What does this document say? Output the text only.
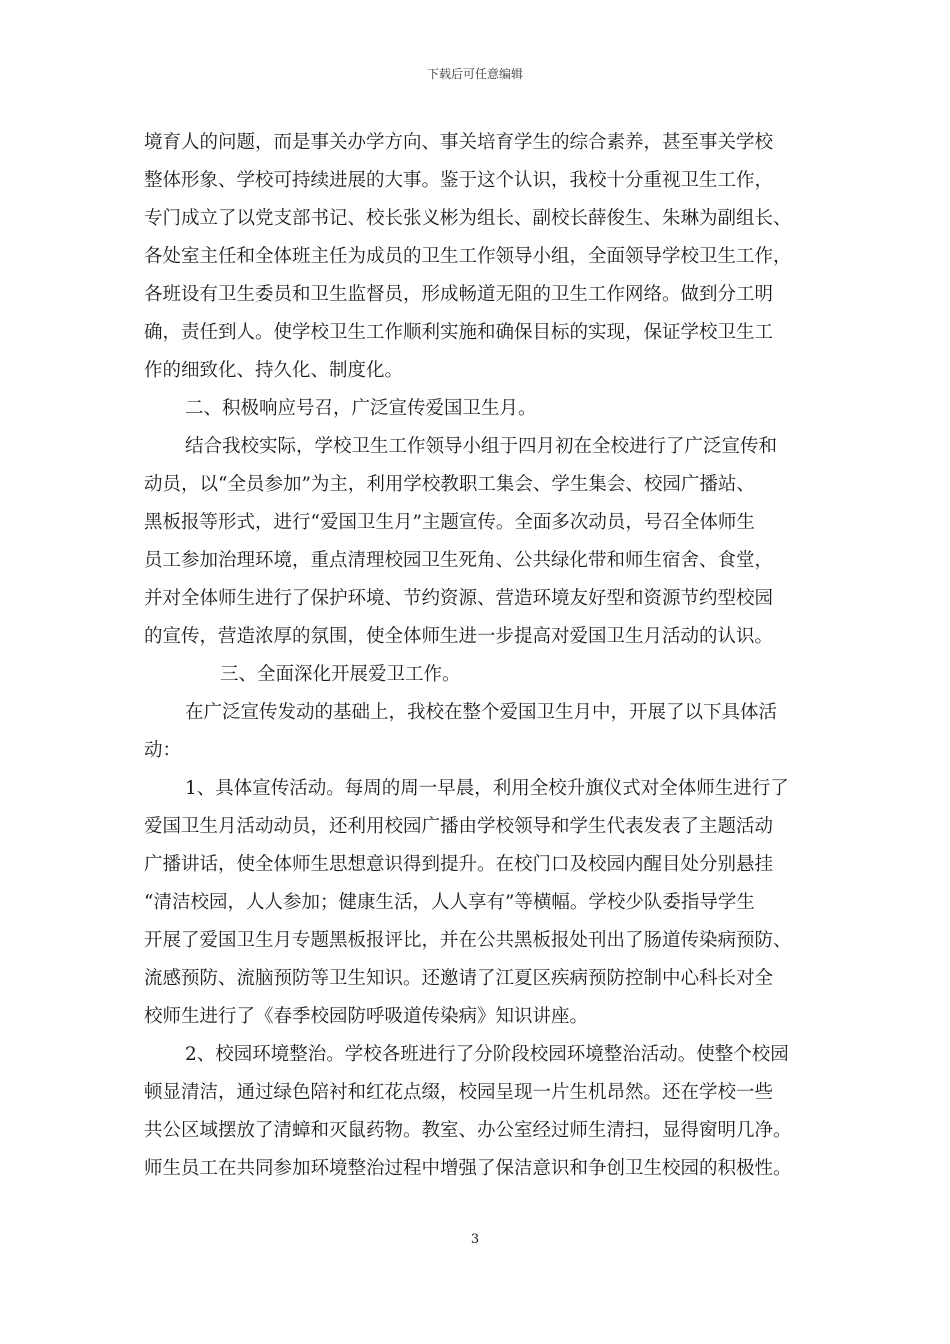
下载后可任意编辑
境育人的问题，而是事关办学方向、事关培育学生的综合素养，甚至事关学校
整体形象、学校可持续进展的大事。鉴于这个认识，我校十分重视卫生工作，
专门成立了以党支部书记、校长张义彬为组长、副校长薛俊生、朱琳为副组长、
各处室主任和全体班主任为成员的卫生工作领导小组，全面领导学校卫生工作，
各班设有卫生委员和卫生监督员，形成畅道无阻的卫生工作网络。做到分工明
确，责任到人。使学校卫生工作顺利实施和确保目标的实现，保证学校卫生工
作的细致化、持久化、制度化。
二、积极响应号召，广泛宣传爱国卫生月。
结合我校实际，学校卫生工作领导小组于四月初在全校进行了广泛宣传和
动员，以“全员参加”为主，利用学校教职工集会、学生集会、校园广播站、
黑板报等形式，进行“爱国卫生月”主题宣传。全面多次动员，号召全体师生
员工参加治理环境，重点清理校园卫生死角、公共绿化带和师生宿舍、食堂，
并对全体师生进行了保护环境、节约资源、营造环境友好型和资源节约型校园
的宣传，营造浓厚的氛围，使全体师生进一步提高对爱国卫生月活动的认识。
三、全面深化开展爱卫工作。
在广泛宣传发动的基础上，我校在整个爱国卫生月中，开展了以下具体活
动：
1、具体宣传活动。每周的周一早晨，利用全校升旗仪式对全体师生进行了
爱国卫生月活动动员，还利用校园广播由学校领导和学生代表发表了主题活动
广播讲话，使全体师生思想意识得到提升。在校门口及校园内醒目处分别悬挂
“清洁校园，人人参加；健康生活，人人享有”等横幅。学校少队委指导学生
开展了爱国卫生月专题黑板报评比，并在公共黑板报处刊出了肠道传染病预防、
流感预防、流脑预防等卫生知识。还邀请了江夏区疾病预防控制中心科长对全
校师生进行了《春季校园防呼吸道传染病》知识讲座。
2、校园环境整治。学校各班进行了分阶段校园环境整治活动。使整个校园
顿显清洁，通过绿色陪衬和红花点缀，校园呈现一片生机昂然。还在学校一些
共公区域摆放了清蟑和灭鼠药物。教室、办公室经过师生清扫，显得窗明几净。
师生员工在共同参加环境整治过程中增强了保洁意识和争创卫生校园的积极性。
3
